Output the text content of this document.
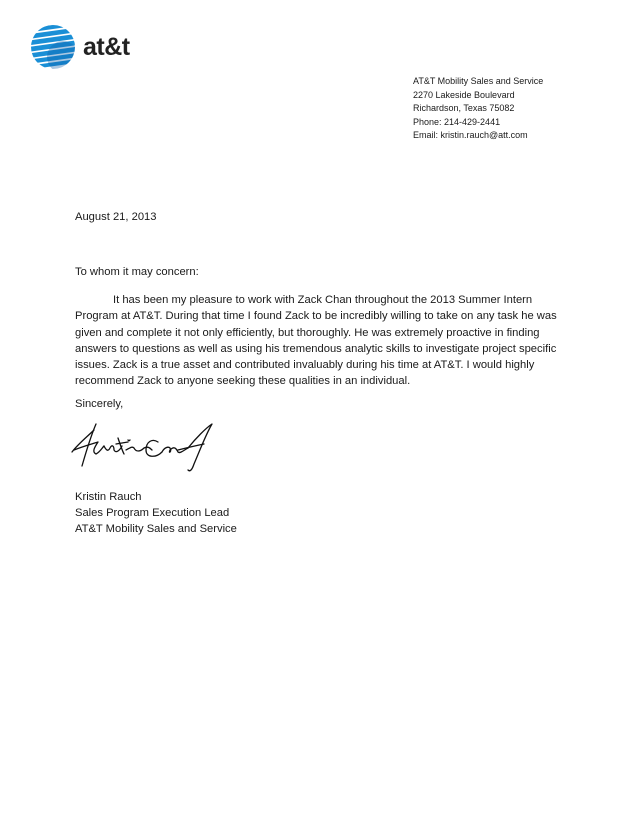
at&t
AT&T Mobility Sales and Service
2270 Lakeside Boulevard
Richardson, Texas 75082
Phone: 214-429-2441
Email: kristin.rauch@att.com
August 21, 2013
To whom it may concern:
It has been my pleasure to work with Zack Chan throughout the 2013 Summer Intern Program at AT&T. During that time I found Zack to be incredibly willing to take on any task he was given and complete it not only efficiently, but thoroughly. He was extremely proactive in finding answers to questions as well as using his tremendous analytic skills to investigate project specific issues. Zack is a true asset and contributed invaluably during his time at AT&T. I would highly recommend Zack to anyone seeking these qualities in an individual.
Sincerely,
Kristin Rauch
Sales Program Execution Lead
AT&T Mobility Sales and Service
